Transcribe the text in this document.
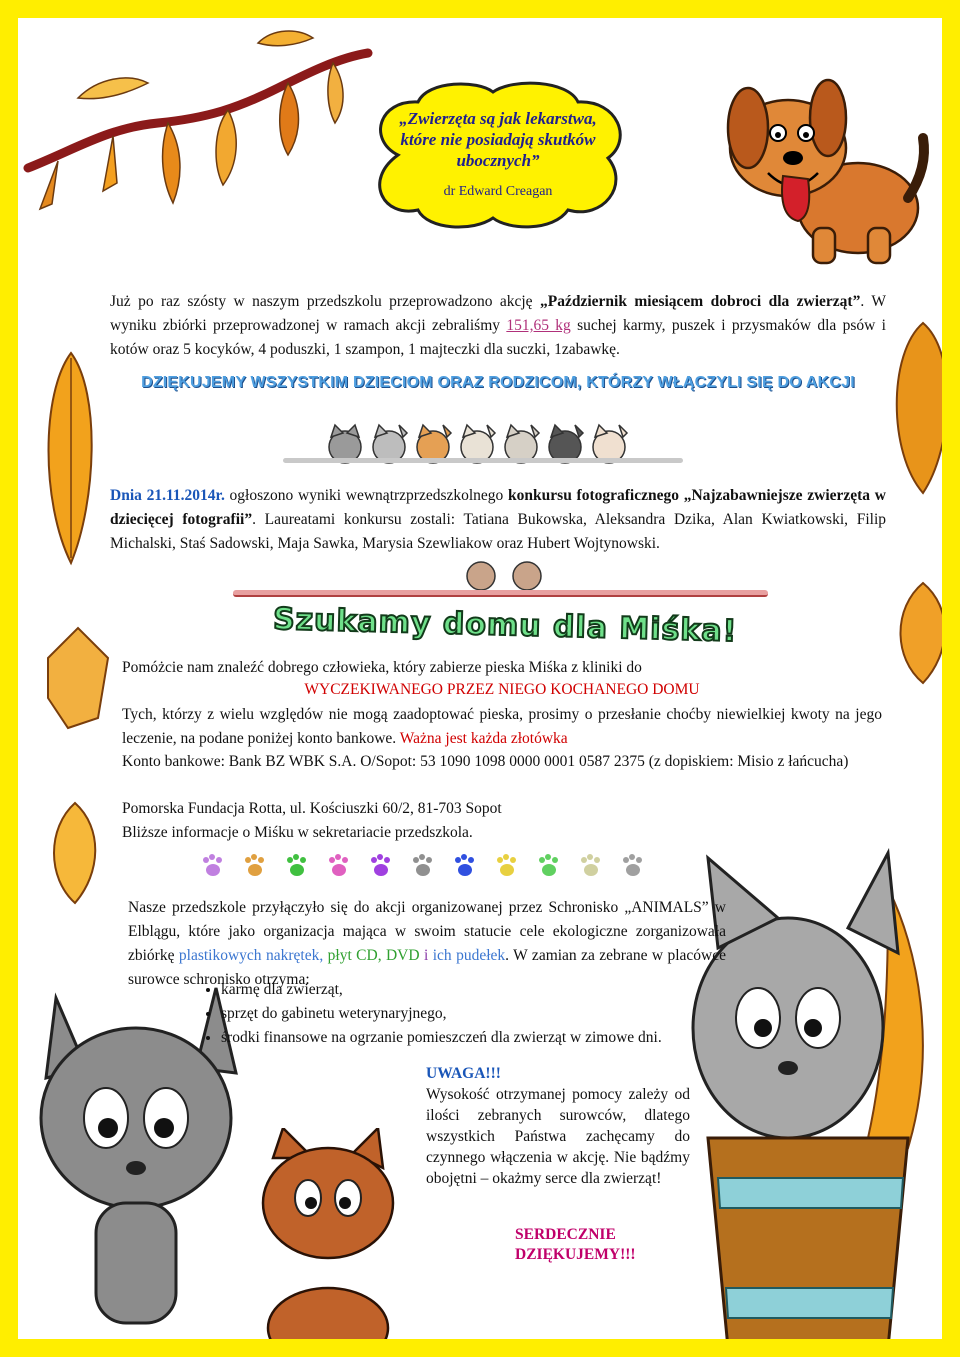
„Zwierzęta są jak lekarstwa, które nie posiadają skutków ubocznych”
dr Edward Creagan
Już po raz szósty w naszym przedszkolu przeprowadzono akcję „Październik miesiącem dobroci dla zwierząt”. W wyniku zbiórki przeprowadzonej w ramach akcji zebraliśmy 151,65 kg suchej karmy, puszek i przysmaków dla psów i kotów oraz 5 kocyków, 4 poduszki, 1 szampon, 1 majteczki dla suczki, 1zabawkę.
DZIĘKUJEMY WSZYSTKIM DZIECIOM ORAZ RODZICOM, KTÓRZY WŁĄCZYLI SIĘ DO AKCJI
Dnia 21.11.2014r. ogłoszono wyniki wewnątrzprzedszkolnego konkursu fotograficznego „Najzabawniejsze zwierzęta w dziecięcej fotografii”. Laureatami konkursu zostali: Tatiana Bukowska, Aleksandra Dzika, Alan Kwiatkowski, Filip Michalski, Staś Sadowski, Maja Sawka, Marysia Szewliakow oraz Hubert Wojtynowski.
Szukamy domu dla Miśka!
Pomóżcie nam znaleźć dobrego człowieka, który zabierze pieska Miśka z kliniki do
WYCZEKIWANEGO PRZEZ NIEGO KOCHANEGO DOMU
Tych, którzy z wielu względów nie mogą zaadoptować pieska, prosimy o przesłanie choćby niewielkiej kwoty na jego leczenie, na podane poniżej konto bankowe. Ważna jest każda złotówka
Konto bankowe: Bank BZ WBK S.A. O/Sopot: 53 1090 1098 0000 0001 0587 2375 (z dopiskiem: Misio z łańcucha)
Pomorska Fundacja Rotta, ul. Kościuszki 60/2, 81-703 Sopot
Bliższe informacje o Miśku w sekretariacie przedszkola.
Nasze przedszkole przyłączyło się do akcji organizowanej przez Schronisko „ANIMALS” w Elblągu, które jako organizacja mająca w swoim statucie cele ekologiczne zorganizowała zbiórkę plastikowych nakrętek, płyt CD, DVD i ich pudełek. W zamian za zebrane w placówce surowce schronisko otrzyma:
• karmę dla zwierząt,
• sprzęt do gabinetu weterynaryjnego,
• środki finansowe na ogrzanie pomieszczeń dla zwierząt w zimowe dni.
UWAGA!!!
Wysokość otrzymanej pomocy zależy od ilości zebranych surowców, dlatego wszystkich Państwa zachęcamy do czynnego włączenia w akcję. Nie bądźmy obojętni – okażmy serce dla zwierząt!
SERDECZNIE
DZIĘKUJEMY!!!
